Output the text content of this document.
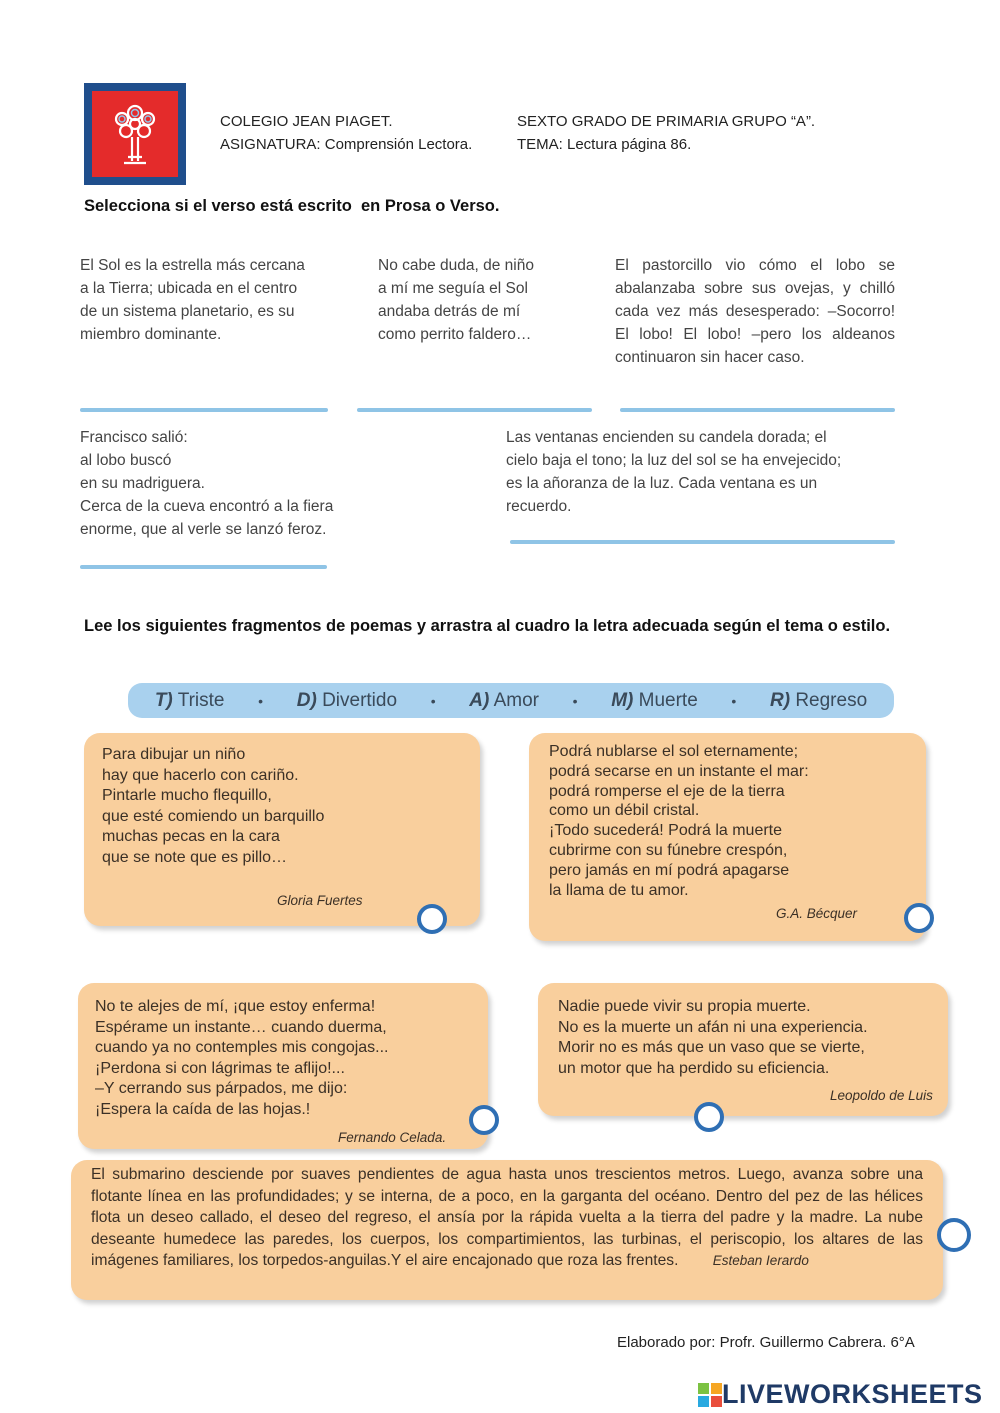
COLEGIO JEAN PIAGET.
ASIGNATURA: Comprensión Lectora.
SEXTO GRADO DE PRIMARIA GRUPO “A”.
TEMA: Lectura página 86.
Selecciona si el verso está escrito  en Prosa o Verso.
El Sol es la estrella más cercana
a la Tierra; ubicada en el centro
de un sistema planetario, es su
miembro dominante.
No cabe duda, de niño
a mí me seguía el Sol
andaba detrás de mí
como perrito faldero…
El pastorcillo vio cómo el lobo se abalanzaba sobre sus ovejas, y chilló cada vez más desesperado: –Socorro! El lobo! El lobo! –pero los aldeanos continuaron sin hacer caso.
Francisco salió:
al lobo buscó
en su madriguera.
Cerca de la cueva encontró a la fiera
enorme, que al verle se lanzó feroz.
Las ventanas encienden su candela dorada; el
cielo baja el tono; la luz del sol se ha envejecido;
es la añoranza de la luz. Cada ventana es un
recuerdo.
Lee los siguientes fragmentos de poemas y arrastra al cuadro la letra adecuada según el tema o estilo.
T) Triste • D) Divertido • A) Amor • M) Muerte • R) Regreso
Para dibujar un niño
hay que hacerlo con cariño.
Pintarle mucho flequillo,
que esté comiendo un barquillo
muchas pecas en la cara
que se note que es pillo…
Gloria Fuertes
Podrá nublarse el sol eternamente;
podrá secarse en un instante el mar:
podrá romperse el eje de la tierra
como un débil cristal.
¡Todo sucederá! Podrá la muerte
cubrirme con su fúnebre crespón,
pero jamás en mí podrá apagarse
la llama de tu amor.
G.A. Bécquer
No te alejes de mí, ¡que estoy enferma!
Espérame un instante… cuando duerma,
cuando ya no contemples mis congojas...
¡Perdona si con lágrimas te aflijo!...
–Y cerrando sus párpados, me dijo:
¡Espera la caída de las hojas.!
Fernando Celada.
Nadie puede vivir su propia muerte.
No es la muerte un afán ni una experiencia.
Morir no es más que un vaso que se vierte,
un motor que ha perdido su eficiencia.
Leopoldo de Luis
El submarino desciende por suaves pendientes de agua hasta unos trescientos metros. Luego, avanza sobre una flotante línea en las profundidades; y se interna, de a poco, en la garganta del océano. Dentro del pez de las hélices flota un deseo callado, el deseo del regreso, el ansía por la rápida vuelta a la tierra del padre y la madre. La nube deseante humedece las paredes, los cuerpos, los compartimientos, las turbinas, el periscopio, los altares de las imágenes familiares, los torpedos-anguilas.Y el aire encajonado que roza las frentes.	Esteban Ierardo
Elaborado por: Profr. Guillermo Cabrera. 6°A
LIVEWORKSHEETS
